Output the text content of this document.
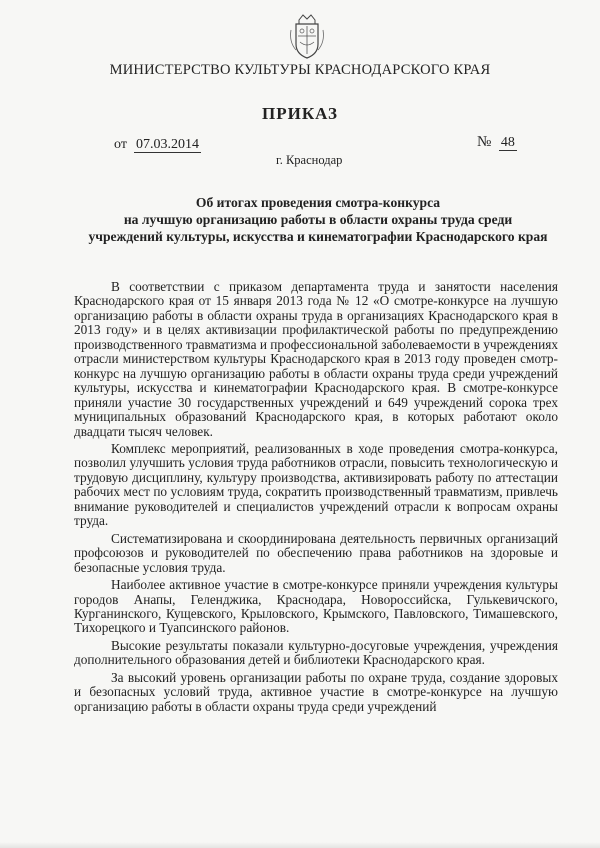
МИНИСТЕРСТВО КУЛЬТУРЫ КРАСНОДАРСКОГО КРАЯ
ПРИКАЗ
от 07.03.2014	№ 48
г. Краснодар
Об итогах проведения смотра-конкурса
на лучшую организацию работы в области охраны труда среди
учреждений культуры, искусства и кинематографии Краснодарского края

В соответствии с приказом департамента труда и занятости населения Краснодарского края от 15 января 2013 года № 12 «О смотре-конкурсе на лучшую организацию работы в области охраны труда в организациях Краснодарского края в 2013 году» и в целях активизации профилактической работы по предупреждению производственного травматизма и профессиональной заболеваемости в учреждениях отрасли министерством культуры Краснодарского края в 2013 году проведен смотр-конкурс на лучшую организацию работы в области охраны труда среди учреждений культуры, искусства и кинематографии Краснодарского края. В смотре-конкурсе приняли участие 30 государственных учреждений и 649 учреждений сорока трех муниципальных образований Краснодарского края, в которых работают около двадцати тысяч человек.

Комплекс мероприятий, реализованных в ходе проведения смотра-конкурса, позволил улучшить условия труда работников отрасли, повысить технологическую и трудовую дисциплину, культуру производства, активизировать работу по аттестации рабочих мест по условиям труда, сократить производственный травматизм, привлечь внимание руководителей и специалистов учреждений отрасли к вопросам охраны труда.

Систематизирована и скоординирована деятельность первичных организаций профсоюзов и руководителей по обеспечению права работников на здоровые и безопасные условия труда.

Наиболее активное участие в смотре-конкурсе приняли учреждения культуры городов Анапы, Геленджика, Краснодара, Новороссийска, Гулькевичского, Курганинского, Кущевского, Крыловского, Крымского, Павловского, Тимашевского, Тихорецкого и Туапсинского районов.

Высокие результаты показали культурно-досуговые учреждения, учреждения дополнительного образования детей и библиотеки Краснодарского края.

За высокий уровень организации работы по охране труда, создание здоровых и безопасных условий труда, активное участие в смотре-конкурсе на лучшую организацию работы в области охраны труда среди учреждений
